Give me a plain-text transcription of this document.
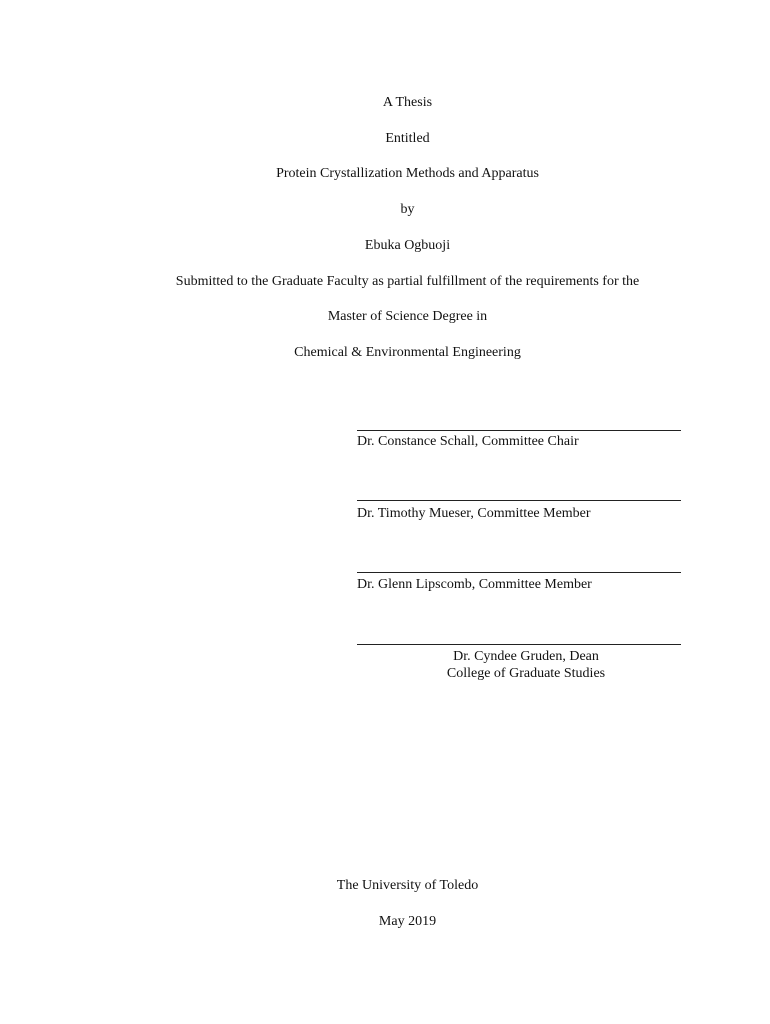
A Thesis
Entitled
Protein Crystallization Methods and Apparatus
by
Ebuka Ogbuoji
Submitted to the Graduate Faculty as partial fulfillment of the requirements for the
Master of Science Degree in
Chemical & Environmental Engineering
Dr. Constance Schall, Committee Chair
Dr. Timothy Mueser, Committee Member
Dr. Glenn Lipscomb, Committee Member
Dr. Cyndee Gruden, Dean
College of Graduate Studies
The University of Toledo
May 2019
